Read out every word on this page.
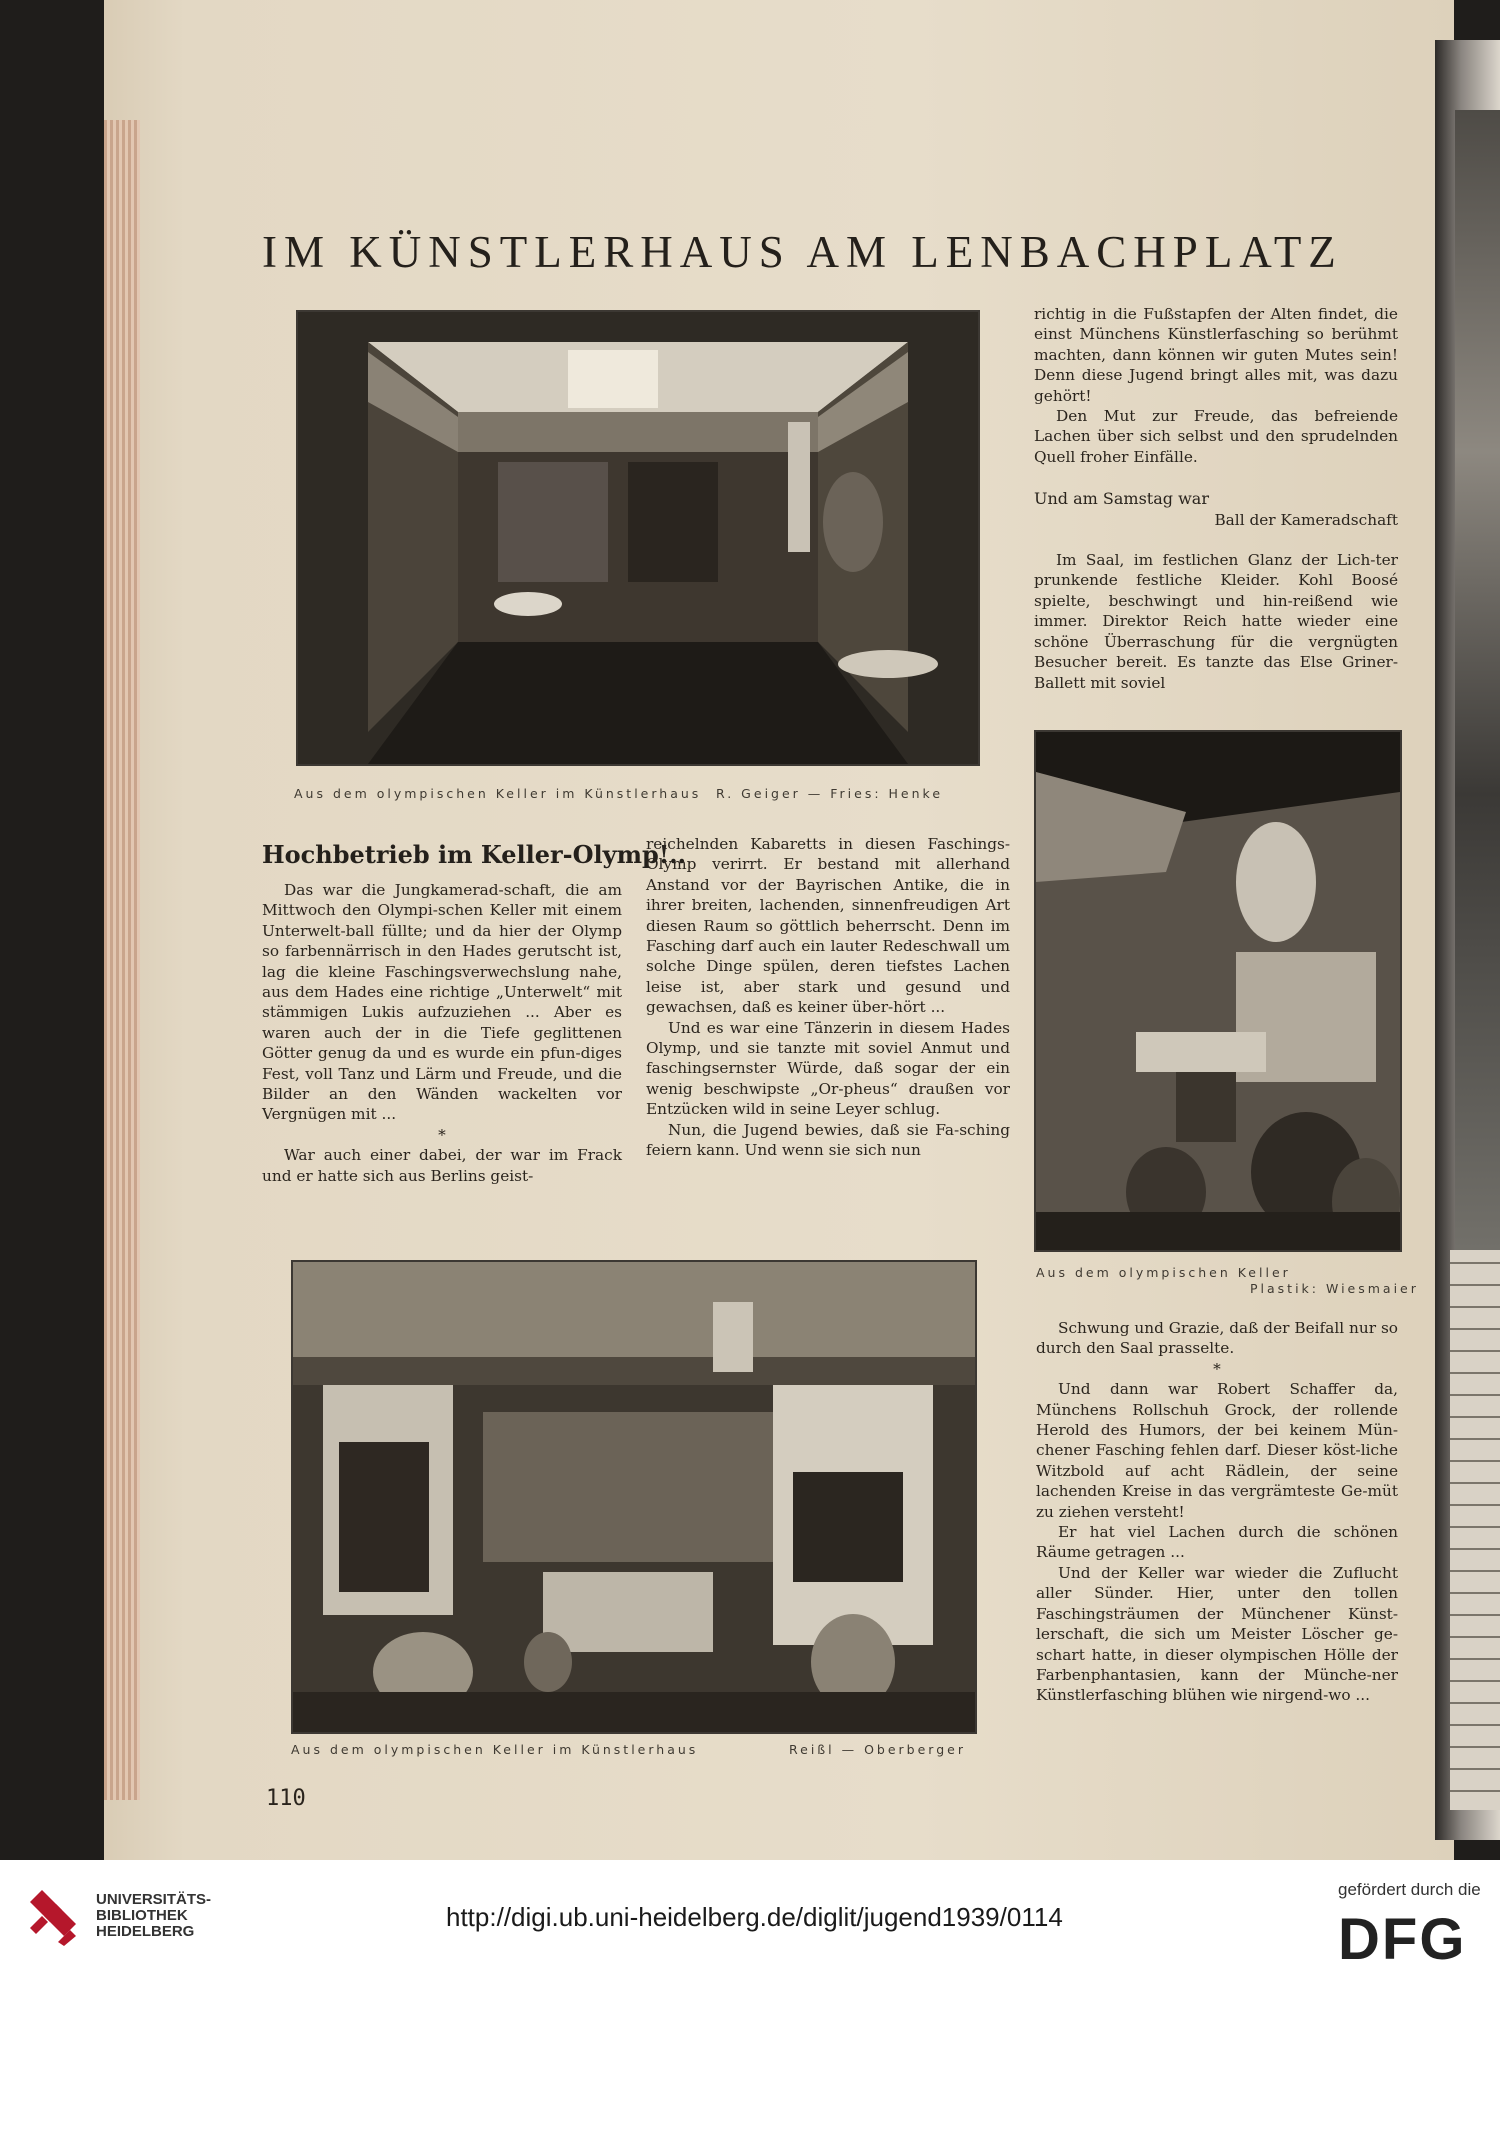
IM KÜNSTLERHAUS AM LENBACHPLATZ
Aus dem olympischen Keller im Künstlerhaus R. Geiger — Fries: Henke
Aus dem olympischen Keller
Plastik: Wiesmaier
Aus dem olympischen Keller im Künstlerhaus	Reißl — Oberberger

richtig in die Fußstapfen der Alten findet, die einst Münchens Künstlerfasching so berühmt machten, dann können wir guten Mutes sein! Denn diese Jugend bringt alles mit, was dazu gehört!

Den Mut zur Freude, das befreiende Lachen über sich selbst und den sprudelnden Quell froher Einfälle.

Und am Samstag war

Ball der Kameradschaft

Im Saal, im festlichen Glanz der Lich-ter prunkende festliche Kleider. Kohl Boosé spielte, beschwingt und hin-reißend wie immer. Direktor Reich hatte wieder eine schöne Überraschung für die vergnügten Besucher bereit. Es tanzte das Else Griner-Ballett mit soviel

Hochbetrieb im Keller-Olymp!..

Das war die Jungkamerad-schaft, die am Mittwoch den Olympi-schen Keller mit einem Unterwelt-ball füllte; und da hier der Olymp so farbennärrisch in den Hades gerutscht ist, lag die kleine Faschingsverwechslung nahe, aus dem Hades eine richtige „Unterwelt“ mit stämmigen Lukis aufzuziehen ... Aber es waren auch der in die Tiefe geglittenen Götter genug da und es wurde ein pfun-diges Fest, voll Tanz und Lärm und Freude, und die Bilder an den Wänden wackelten vor Vergnügen mit ...

*

War auch einer dabei, der war im Frack und er hatte sich aus Berlins geist-

reichelnden Kabaretts in diesen Faschings-Olymp verirrt. Er bestand mit allerhand Anstand vor der Bayrischen Antike, die in ihrer breiten, lachenden, sinnenfreudigen Art diesen Raum so göttlich beherrscht. Denn im Fasching darf auch ein lauter Redeschwall um solche Dinge spülen, deren tiefstes Lachen leise ist, aber stark und gesund und gewachsen, daß es keiner über-hört ...

Und es war eine Tänzerin in diesem Hades Olymp, und sie tanzte mit soviel Anmut und faschingsernster Würde, daß sogar der ein wenig beschwipste „Or-pheus“ draußen vor Entzücken wild in seine Leyer schlug.

Nun, die Jugend bewies, daß sie Fa-sching feiern kann. Und wenn sie sich nun

Schwung und Grazie, daß der Beifall nur so durch den Saal prasselte.

*

Und dann war Robert Schaffer da, Münchens Rollschuh Grock, der rollende Herold des Humors, der bei keinem Mün-chener Fasching fehlen darf. Dieser köst-liche Witzbold auf acht Rädlein, der seine lachenden Kreise in das vergrämteste Ge-müt zu ziehen versteht!

Er hat viel Lachen durch die schönen Räume getragen ...

Und der Keller war wieder die Zuflucht aller Sünder. Hier, unter den tollen Faschingsträumen der Münchener Künst-lerschaft, die sich um Meister Löscher ge-schart hatte, in dieser olympischen Hölle der Farbenphantasien, kann der Münche-ner Künstlerfasching blühen wie nirgend-wo ...

110

UNIVERSITÄTS-
BIBLIOTHEK
HEIDELBERG	http://digi.ub.uni-heidelberg.de/diglit/jugend1939/0114
gefördert durch die
DFG
